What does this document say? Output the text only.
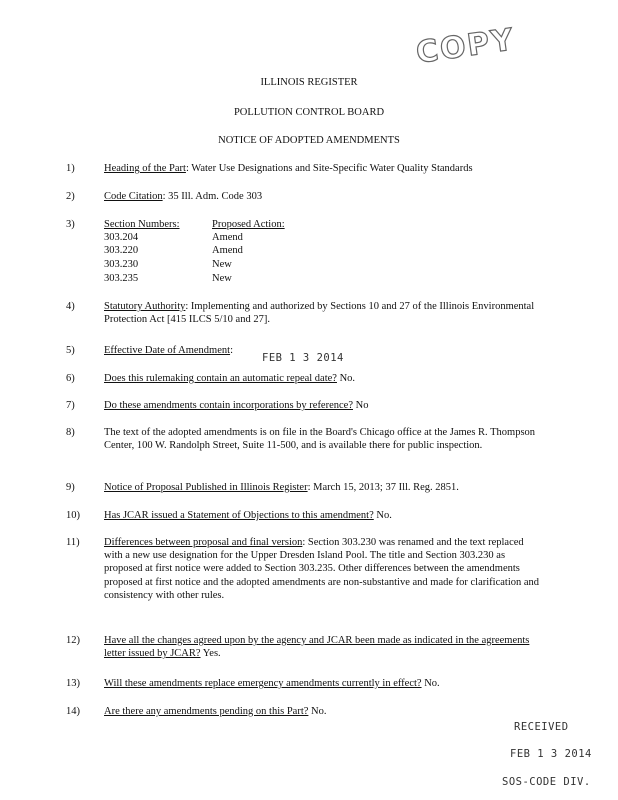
COPY
ILLINOIS REGISTER
POLLUTION CONTROL BOARD
NOTICE OF ADOPTED AMENDMENTS
1)	Heading of the Part: Water Use Designations and Site-Specific Water Quality Standards
2)	Code Citation: 35 Ill. Adm. Code 303
3)	Section Numbers:	Proposed Action:
303.204	Amend
303.220	Amend
303.230	New
303.235	New
4)	Statutory Authority: Implementing and authorized by Sections 10 and 27 of the Illinois Environmental Protection Act [415 ILCS 5/10 and 27].
5)	Effective Date of Amendment:
FEB 1 3 2014
6)	Does this rulemaking contain an automatic repeal date? No.
7)	Do these amendments contain incorporations by reference? No
8)	The text of the adopted amendments is on file in the Board's Chicago office at the James R. Thompson Center, 100 W. Randolph Street, Suite 11-500, and is available there for public inspection.
9)	Notice of Proposal Published in Illinois Register: March 15, 2013; 37 Ill. Reg. 2851.
10) Has JCAR issued a Statement of Objections to this amendment? No.
11) Differences between proposal and final version: Section 303.230 was renamed and the text replaced with a new use designation for the Upper Dresden Island Pool. The title and Section 303.230 as proposed at first notice were added to Section 303.235. Other differences between the amendments proposed at first notice and the adopted amendments are non-substantive and made for clarification and consistency with other rules.
12) Have all the changes agreed upon by the agency and JCAR been made as indicated in the agreements letter issued by JCAR? Yes.
13) Will these amendments replace emergency amendments currently in effect? No.
14) Are there any amendments pending on this Part? No.
RECEIVED
FEB 1 3 2014
SOS-CODE DIV.
